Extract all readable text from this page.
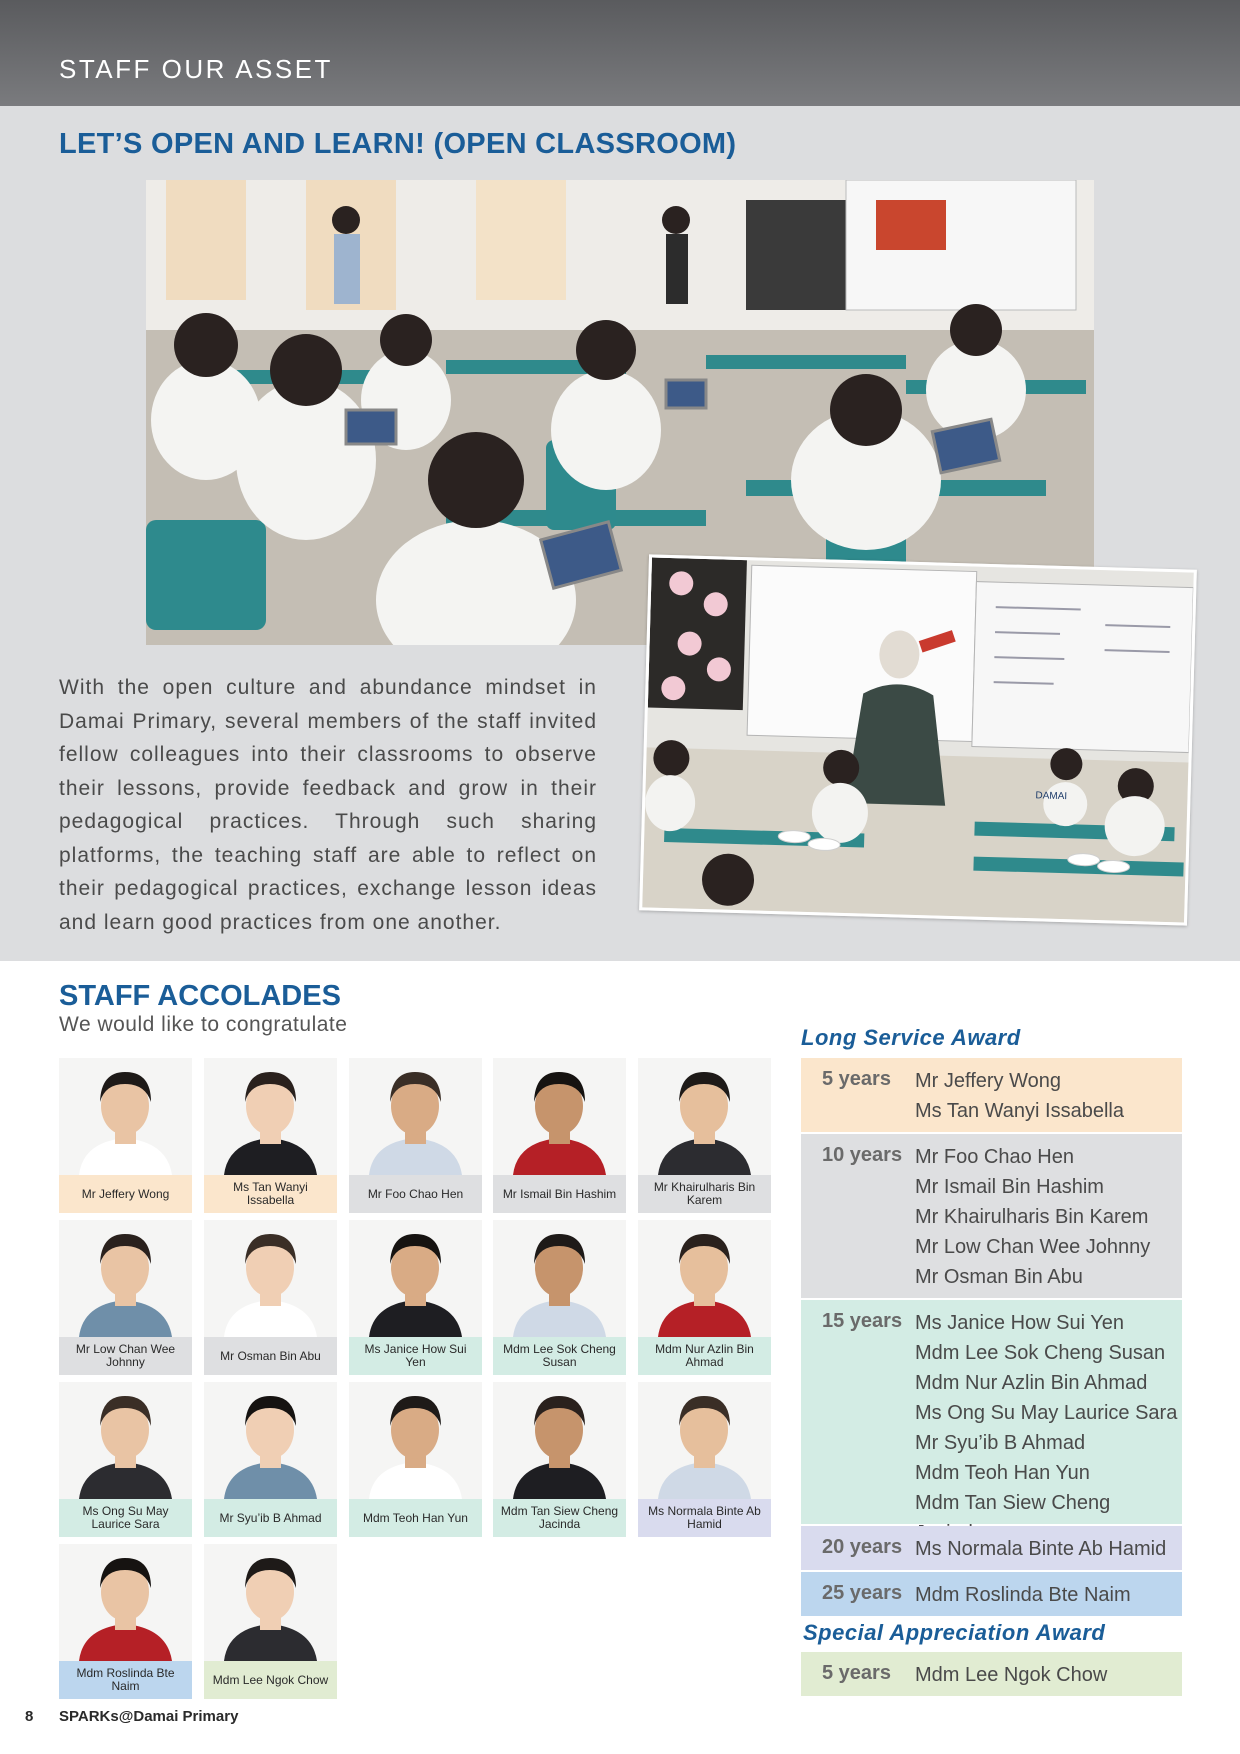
STAFF OUR ASSET
LET’S OPEN AND LEARN! (OPEN CLASSROOM)
DAMAI

With the open culture and abundance mindset in Damai Primary, several members of the staff invited fellow colleagues into their classrooms to observe their lessons, provide feedback and grow in their pedagogical practices. Through such sharing platforms, the teaching staff are able to reflect on their pedagogical practices, exchange lesson ideas and learn good practices from one another.

STAFF ACCOLADES
We would like to congratulate
Mr Jeffery Wong	Ms Tan Wanyi Issabella	Mr Foo Chao Hen	Mr Ismail Bin Hashim	Mr Khairulharis Bin Karem
Mr Low Chan Wee Johnny	Mr Osman Bin Abu	Ms Janice How Sui Yen
Mdm Lee Sok Cheng Susan
Mdm Nur Azlin Bin Ahmad
Ms Ong Su May Laurice Sara	Mr Syu’ib B Ahmad	Mdm Teoh Han Yun	Mdm Tan Siew Cheng Jacinda
Ms Normala Binte Ab Hamid
Mdm Roslinda Bte Naim	Mdm Lee Ngok Chow
Long Service Award
5 years Mr Jeffery Wong
Ms Tan Wanyi Issabella
10 years Mr Foo Chao Hen
Mr Ismail Bin Hashim
Mr Khairulharis Bin Karem
Mr Low Chan Wee Johnny
Mr Osman Bin Abu
15 years Ms Janice How Sui Yen
Mdm Lee Sok Cheng Susan
Mdm Nur Azlin Bin Ahmad
Ms Ong Su May Laurice Sara
Mr Syu’ib B Ahmad
Mdm Teoh Han Yun
Mdm Tan Siew Cheng
20 years Ms Normala Binte Ab Hamid
25 years Mdm Roslinda Bte Naim
Special Appreciation Award
5 years Mdm Lee Ngok Chow
8 SPARKs@Damai Primary
